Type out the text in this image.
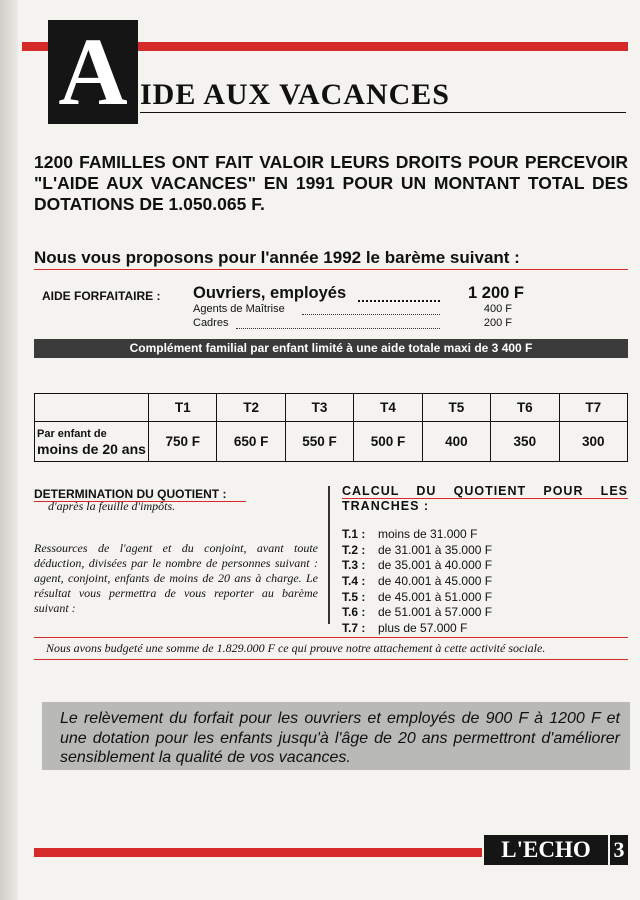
A IDE AUX VACANCES
1200 FAMILLES ONT FAIT VALOIR LEURS DROITS POUR PERCEVOIR "L'AIDE AUX VACANCES" EN 1991 POUR UN MONTANT TOTAL DES DOTATIONS DE 1.050.065 F.
Nous vous proposons pour l'année 1992 le barème suivant :
AIDE FORFAITAIRE : Ouvriers, employés	1 200 F
Agents de Maîtrise	400 F
Cadres	200 F
Complément familial par enfant limité à une aide totale maxi de 3 400 F
	T1	T2	T3	T4	T5	T6	T7

Par enfant de
moins de 20 ans	750 F	650 F	550 F	500 F	400	350	300
DETERMINATION DU QUOTIENT :
d'après la feuille d'impôts.
Ressources de l'agent et du conjoint, avant toute déduction, divisées par le nombre de personnes suivant : agent, conjoint, enfants de moins de 20 ans à charge. Le résultat vous permettra de vous reporter au barème suivant :
CALCUL DU QUOTIENT POUR LES
TRANCHES :
T.1 : moins de 31.000 F
T.2 : de 31.001 à 35.000 F
T.3 : de 35.001 à 40.000 F
T.4 : de 40.001 à 45.000 F
T.5 : de 45.001 à 51.000 F
T.6 : de 51.001 à 57.000 F
T.7 : plus de 57.000 F
Nous avons budgeté une somme de 1.829.000 F ce qui prouve notre attachement à cette activité sociale.
Le relèvement du forfait pour les ouvriers et employés de 900 F à 1200 F et une dotation pour les enfants jusqu'à l'âge de 20 ans permettront d'améliorer sensiblement la qualité de vos vacances.
L'ECHO	3
